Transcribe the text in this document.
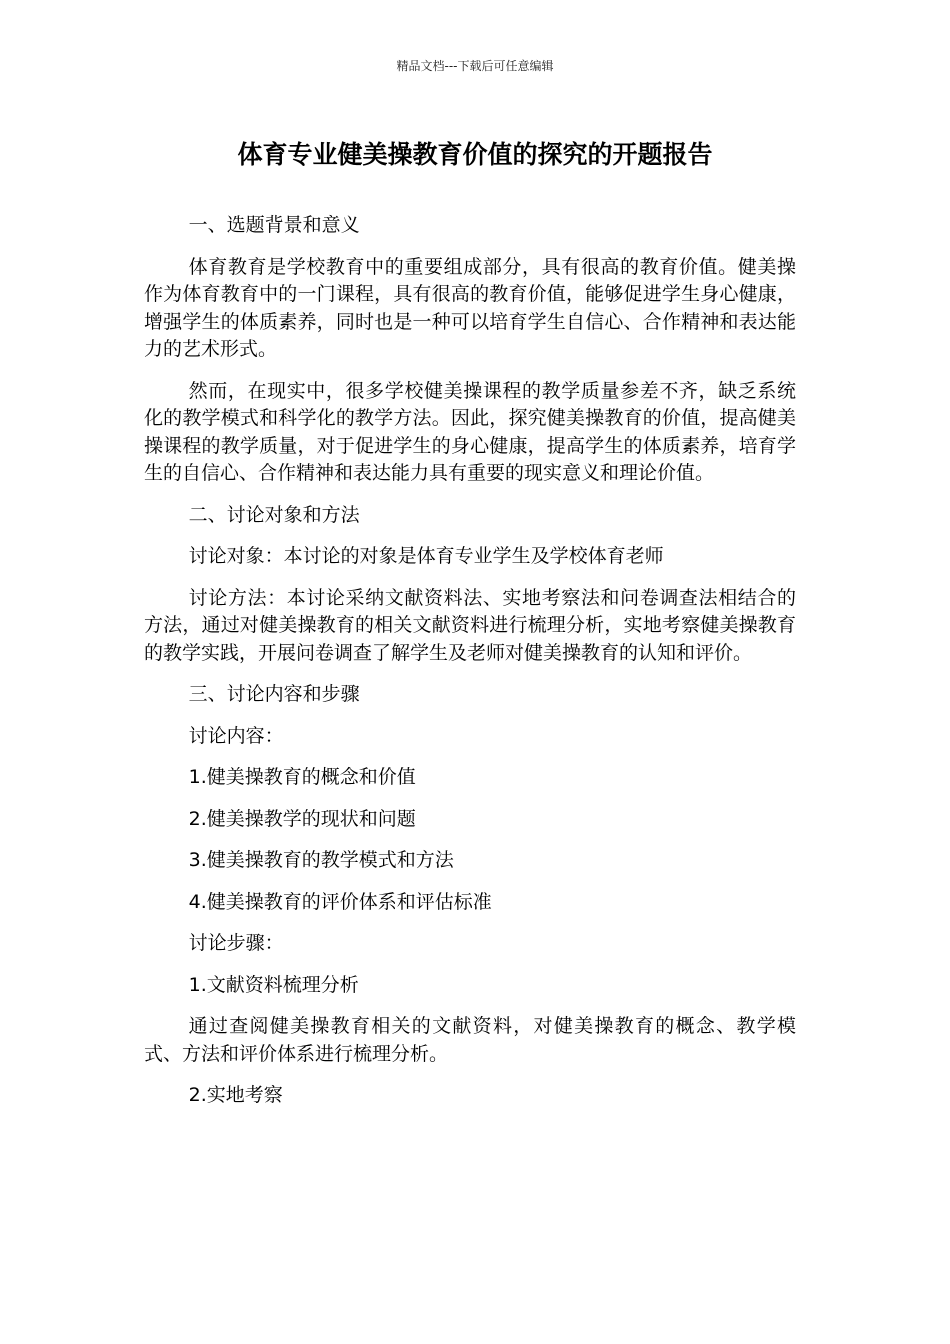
精品文档---下载后可任意编辑
体育专业健美操教育价值的探究的开题报告

一、选题背景和意义

体育教育是学校教育中的重要组成部分，具有很高的教育价值。健美操作为体育教育中的一门课程，具有很高的教育价值，能够促进学生身心健康，增强学生的体质素养，同时也是一种可以培育学生自信心、合作精神和表达能力的艺术形式。

然而，在现实中，很多学校健美操课程的教学质量参差不齐，缺乏系统化的教学模式和科学化的教学方法。因此，探究健美操教育的价值，提高健美操课程的教学质量，对于促进学生的身心健康，提高学生的体质素养，培育学生的自信心、合作精神和表达能力具有重要的现实意义和理论价值。

二、讨论对象和方法

讨论对象：本讨论的对象是体育专业学生及学校体育老师

讨论方法：本讨论采纳文献资料法、实地考察法和问卷调查法相结合的方法，通过对健美操教育的相关文献资料进行梳理分析，实地考察健美操教育的教学实践，开展问卷调查了解学生及老师对健美操教育的认知和评价。

三、讨论内容和步骤

讨论内容：

1.健美操教育的概念和价值

2.健美操教学的现状和问题

3.健美操教育的教学模式和方法

4.健美操教育的评价体系和评估标准

讨论步骤：

1.文献资料梳理分析

通过查阅健美操教育相关的文献资料，对健美操教育的概念、教学模式、方法和评价体系进行梳理分析。

2.实地考察
